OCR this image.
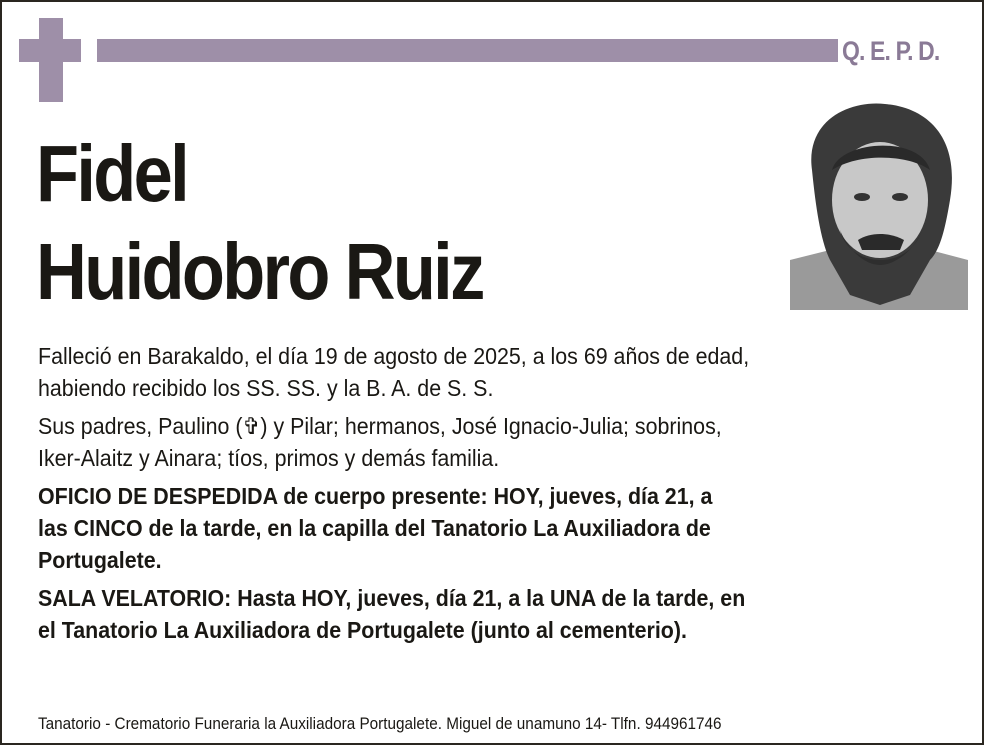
Q. E. P. D.
Fidel
Huidobro Ruiz

Falleció en Barakaldo, el día 19 de agosto de 2025, a los 69 años de edad,
habiendo recibido los SS. SS. y la B. A. de S. S.

Sus padres, Paulino (✞) y Pilar; hermanos, José Ignacio-Julia; sobrinos,
Iker-Alaitz y Ainara; tíos, primos y demás familia.

OFICIO DE DESPEDIDA de cuerpo presente: HOY, jueves, día 21, a
las CINCO de la tarde, en la capilla del Tanatorio La Auxiliadora de
Portugalete.

SALA VELATORIO: Hasta HOY, jueves, día 21, a la UNA de la tarde, en
el Tanatorio La Auxiliadora de Portugalete (junto al cementerio).

Tanatorio - Crematorio Funeraria la Auxiliadora Portugalete. Miguel de unamuno 14- Tlfn. 944961746
